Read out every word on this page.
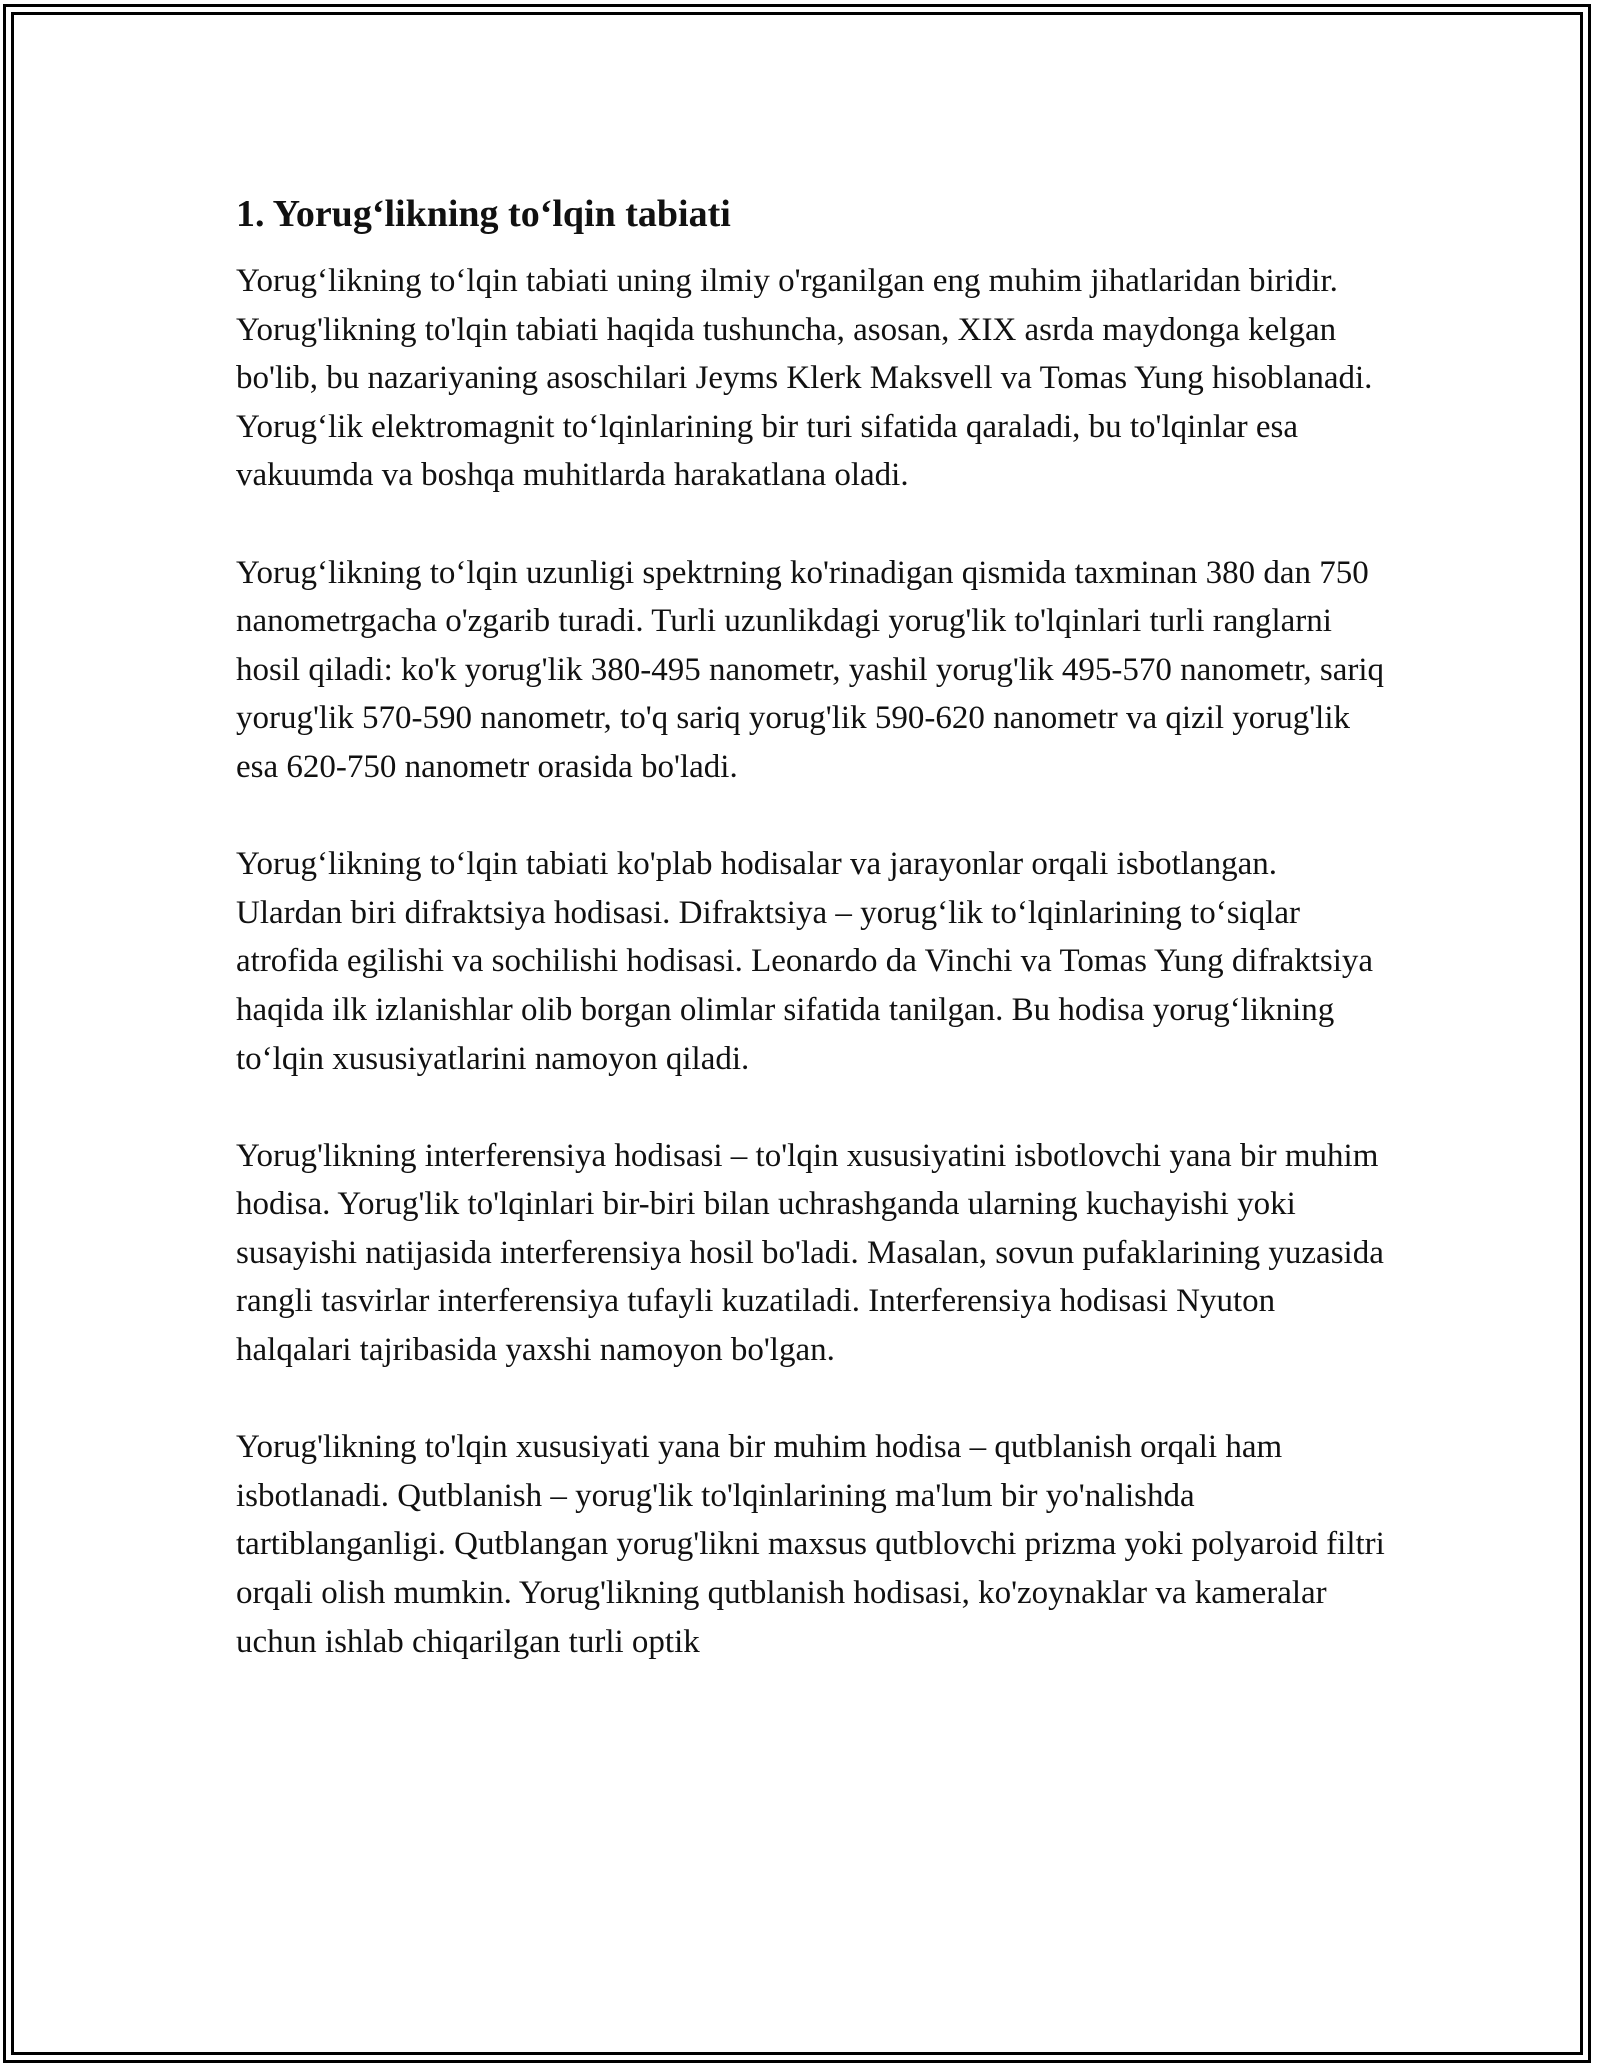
1. Yorug‘likning to‘lqin tabiati

Yorug‘likning to‘lqin tabiati uning ilmiy o'rganilgan eng muhim jihatlaridan biridir. Yorug'likning to'lqin tabiati haqida tushuncha, asosan, XIX asrda maydonga kelgan bo'lib, bu nazariyaning asoschilari Jeyms Klerk Maksvell va Tomas Yung hisoblanadi. Yorug‘lik elektromagnit to‘lqinlarining bir turi sifatida qaraladi, bu to'lqinlar esa vakuumda va boshqa muhitlarda harakatlana oladi.

Yorug‘likning to‘lqin uzunligi spektrning ko'rinadigan qismida taxminan 380 dan 750 nanometrgacha o'zgarib turadi. Turli uzunlikdagi yorug'lik to'lqinlari turli ranglarni hosil qiladi: ko'k yorug'lik 380-495 nanometr, yashil yorug'lik 495-570 nanometr, sariq yorug'lik 570-590 nanometr, to'q sariq yorug'lik 590-620 nanometr va qizil yorug'lik esa 620-750 nanometr orasida bo'ladi.

Yorug‘likning to‘lqin tabiati ko'plab hodisalar va jarayonlar orqali isbotlangan. Ulardan biri difraktsiya hodisasi. Difraktsiya – yorug‘lik to‘lqinlarining to‘siqlar atrofida egilishi va sochilishi hodisasi. Leonardo da Vinchi va Tomas Yung difraktsiya haqida ilk izlanishlar olib borgan olimlar sifatida tanilgan. Bu hodisa yorug‘likning to‘lqin xususiyatlarini namoyon qiladi.

Yorug'likning interferensiya hodisasi – to'lqin xususiyatini isbotlovchi yana bir muhim hodisa. Yorug'lik to'lqinlari bir-biri bilan uchrashganda ularning kuchayishi yoki susayishi natijasida interferensiya hosil bo'ladi. Masalan, sovun pufaklarining yuzasida rangli tasvirlar interferensiya tufayli kuzatiladi. Interferensiya hodisasi Nyuton halqalari tajribasida yaxshi namoyon bo'lgan.

Yorug'likning to'lqin xususiyati yana bir muhim hodisa – qutblanish orqali ham isbotlanadi. Qutblanish – yorug'lik to'lqinlarining ma'lum bir yo'nalishda tartiblanganligi. Qutblangan yorug'likni maxsus qutblovchi prizma yoki polyaroid filtri orqali olish mumkin. Yorug'likning qutblanish hodisasi, ko'zoynaklar va kameralar uchun ishlab chiqarilgan turli optik
